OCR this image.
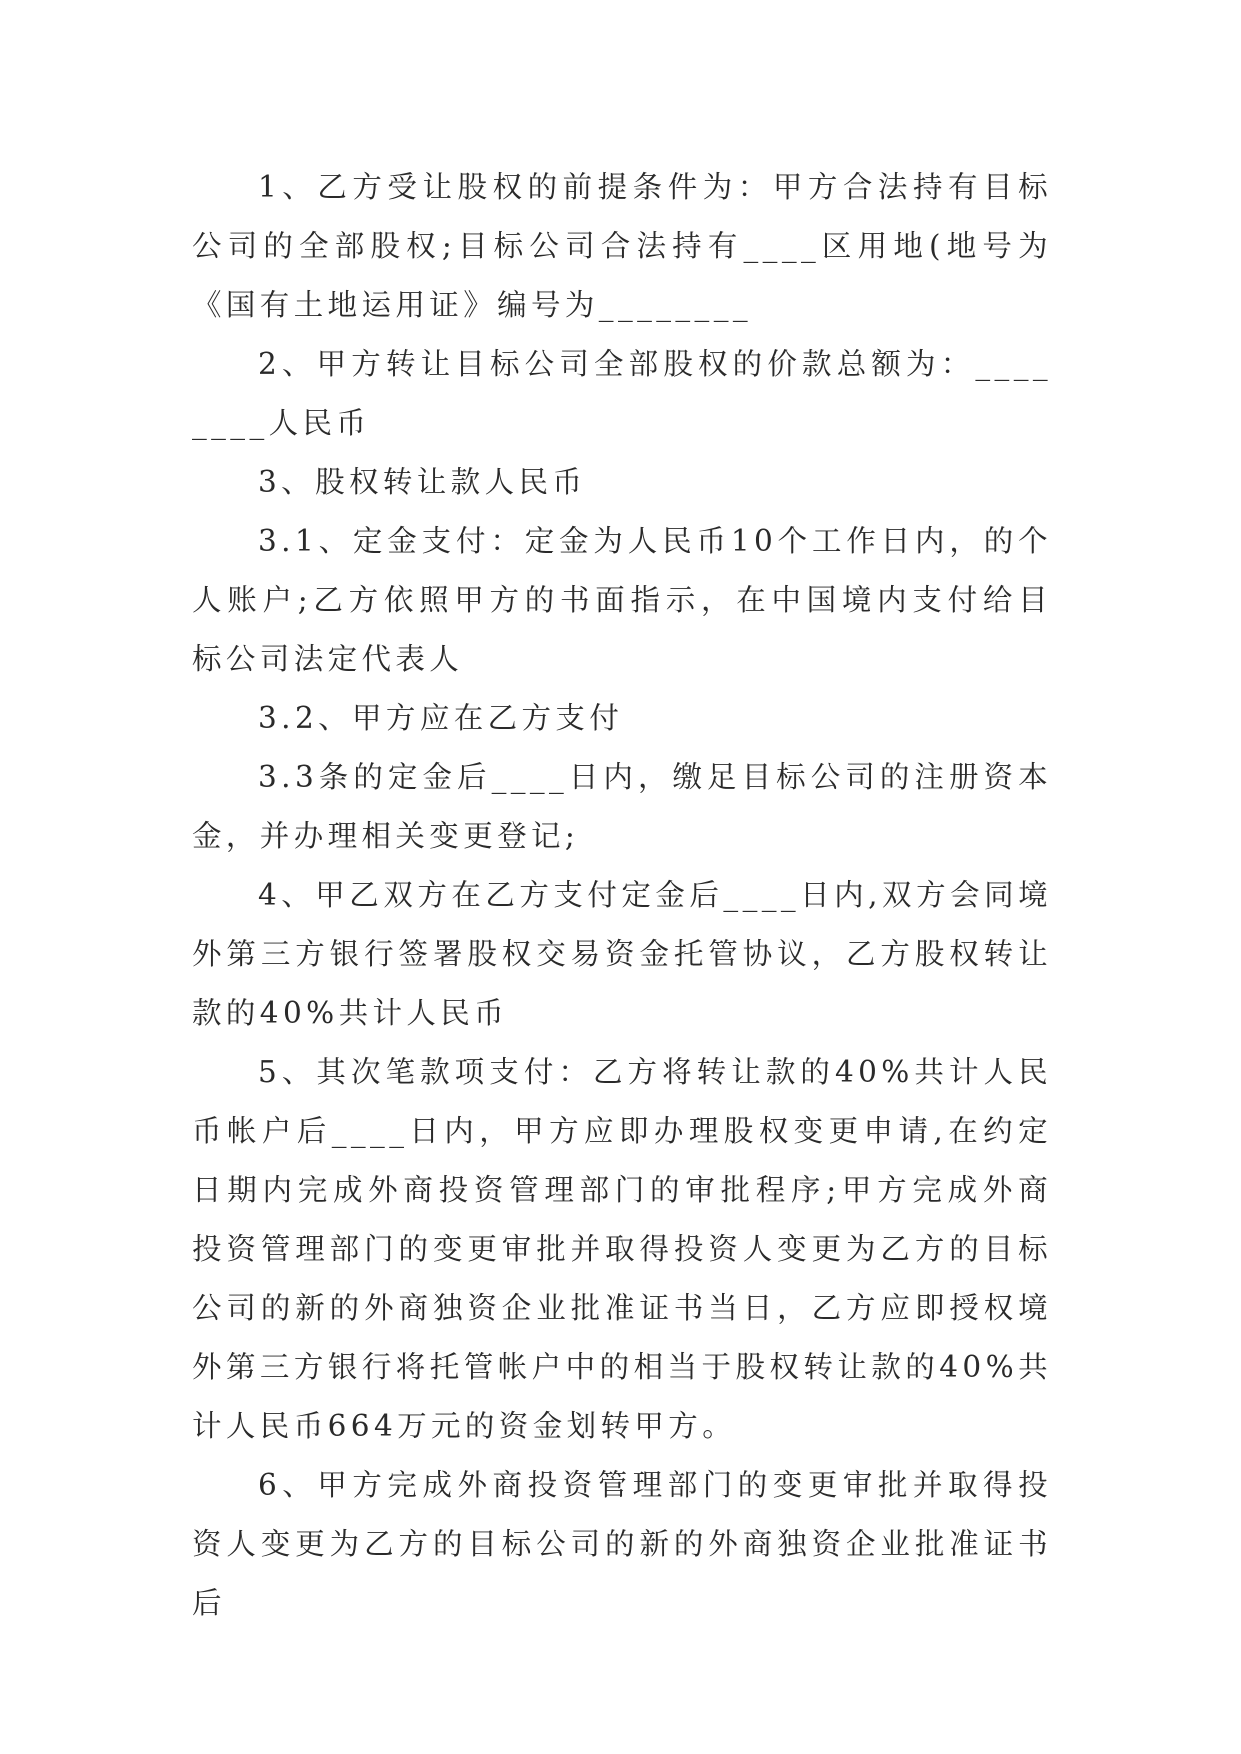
1、乙方受让股权的前提条件为：甲方合法持有目标公司的全部股权;目标公司合法持有____区用地(地号为《国有土地运用证》编号为________

2、甲方转让目标公司全部股权的价款总额为：________人民币

3、股权转让款人民币

3.1、定金支付：定金为人民币10个工作日内，的个人账户;乙方依照甲方的书面指示，在中国境内支付给目标公司法定代表人

3.2、甲方应在乙方支付

3.3条的定金后____日内，缴足目标公司的注册资本金，并办理相关变更登记;

4、甲乙双方在乙方支付定金后____日内,双方会同境外第三方银行签署股权交易资金托管协议，乙方股权转让款的40%共计人民币

5、其次笔款项支付：乙方将转让款的40%共计人民币帐户后____日内，甲方应即办理股权变更申请,在约定日期内完成外商投资管理部门的审批程序;甲方完成外商投资管理部门的变更审批并取得投资人变更为乙方的目标公司的新的外商独资企业批准证书当日，乙方应即授权境外第三方银行将托管帐户中的相当于股权转让款的40%共计人民币664万元的资金划转甲方。

6、甲方完成外商投资管理部门的变更审批并取得投资人变更为乙方的目标公司的新的外商独资企业批准证书后
